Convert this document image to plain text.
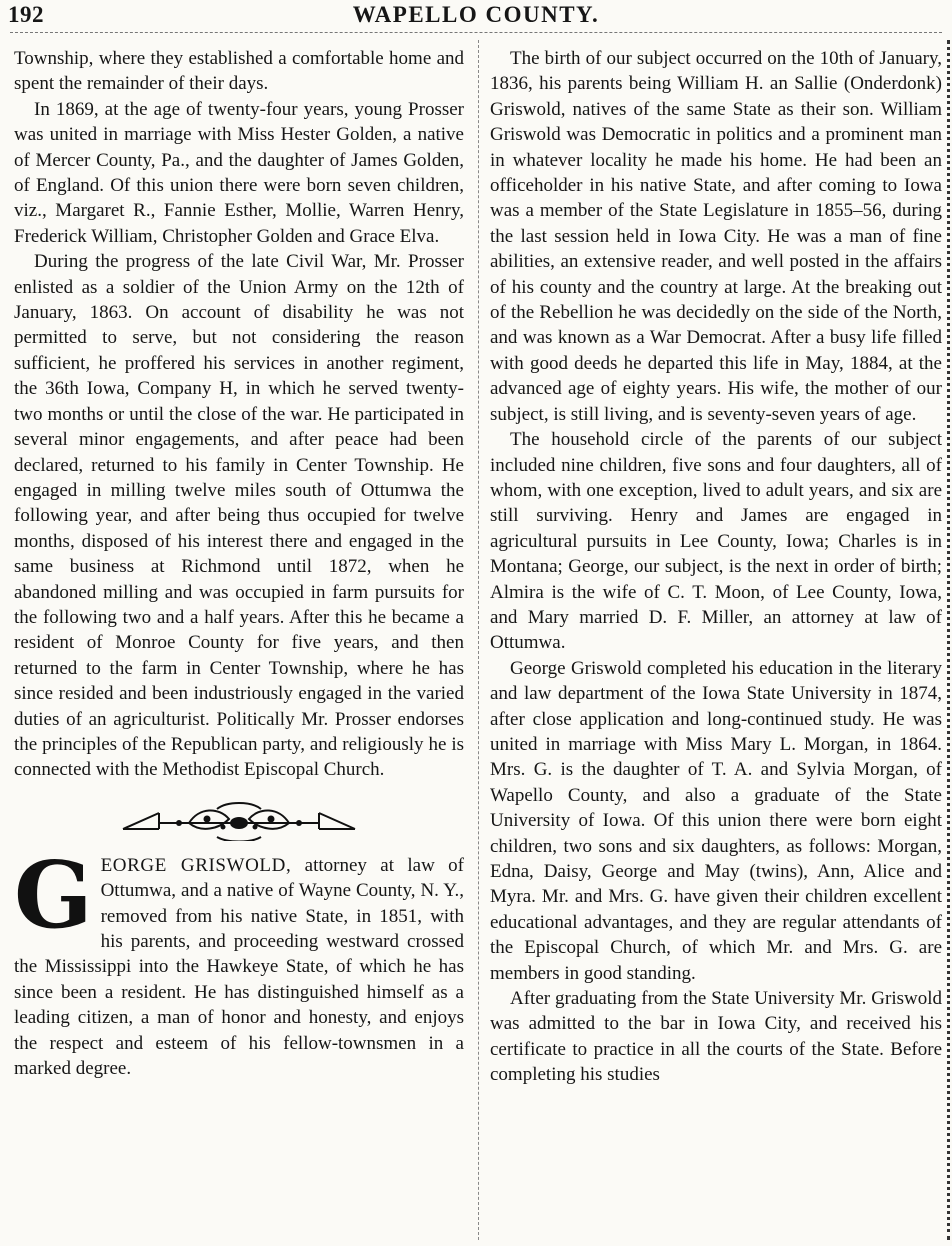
192	WAPELLO COUNTY.

Township, where they established a comfortable home and spent the remainder of their days.

In 1869, at the age of twenty-four years, young Prosser was united in marriage with Miss Hester Golden, a native of Mercer County, Pa., and the daughter of James Golden, of England. Of this union there were born seven children, viz., Margaret R., Fannie Esther, Mollie, Warren Henry, Frederick William, Christopher Golden and Grace Elva.

During the progress of the late Civil War, Mr. Prosser enlisted as a soldier of the Union Army on the 12th of January, 1863. On account of disability he was not permitted to serve, but not considering the reason sufficient, he proffered his services in another regiment, the 36th Iowa, Company H, in which he served twenty-two months or until the close of the war. He participated in several minor engagements, and after peace had been declared, returned to his family in Center Township. He engaged in milling twelve miles south of Ottumwa the following year, and after being thus occupied for twelve months, disposed of his interest there and engaged in the same business at Richmond until 1872, when he abandoned milling and was occupied in farm pursuits for the following two and a half years. After this he became a resident of Monroe County for five years, and then returned to the farm in Center Township, where he has since resided and been industriously engaged in the varied duties of an agriculturist. Politically Mr. Prosser endorses the principles of the Republican party, and religiously he is connected with the Methodist Episcopal Church.

GEORGE GRISWOLD, attorney at law of Ottumwa, and a native of Wayne County, N. Y., removed from his native State, in 1851, with his parents, and proceeding westward crossed the Mississippi into the Hawkeye State, of which he has since been a resident. He has distinguished himself as a leading citizen, a man of honor and honesty, and enjoys the respect and esteem of his fellow-townsmen in a marked degree.

The birth of our subject occurred on the 10th of January, 1836, his parents being William H. an Sallie (Onderdonk) Griswold, natives of the same State as their son. William Griswold was Democratic in politics and a prominent man in whatever locality he made his home. He had been an officeholder in his native State, and after coming to Iowa was a member of the State Legislature in 1855–56, during the last session held in Iowa City. He was a man of fine abilities, an extensive reader, and well posted in the affairs of his county and the country at large. At the breaking out of the Rebellion he was decidedly on the side of the North, and was known as a War Democrat. After a busy life filled with good deeds he departed this life in May, 1884, at the advanced age of eighty years. His wife, the mother of our subject, is still living, and is seventy-seven years of age.

The household circle of the parents of our subject included nine children, five sons and four daughters, all of whom, with one exception, lived to adult years, and six are still surviving. Henry and James are engaged in agricultural pursuits in Lee County, Iowa; Charles is in Montana; George, our subject, is the next in order of birth; Almira is the wife of C. T. Moon, of Lee County, Iowa, and Mary married D. F. Miller, an attorney at law of Ottumwa.

George Griswold completed his education in the literary and law department of the Iowa State University in 1874, after close application and long-continued study. He was united in marriage with Miss Mary L. Morgan, in 1864. Mrs. G. is the daughter of T. A. and Sylvia Morgan, of Wapello County, and also a graduate of the State University of Iowa. Of this union there were born eight children, two sons and six daughters, as follows: Morgan, Edna, Daisy, George and May (twins), Ann, Alice and Myra. Mr. and Mrs. G. have given their children excellent educational advantages, and they are regular attendants of the Episcopal Church, of which Mr. and Mrs. G. are members in good standing.

After graduating from the State University Mr. Griswold was admitted to the bar in Iowa City, and received his certificate to practice in all the courts of the State. Before completing his studies
